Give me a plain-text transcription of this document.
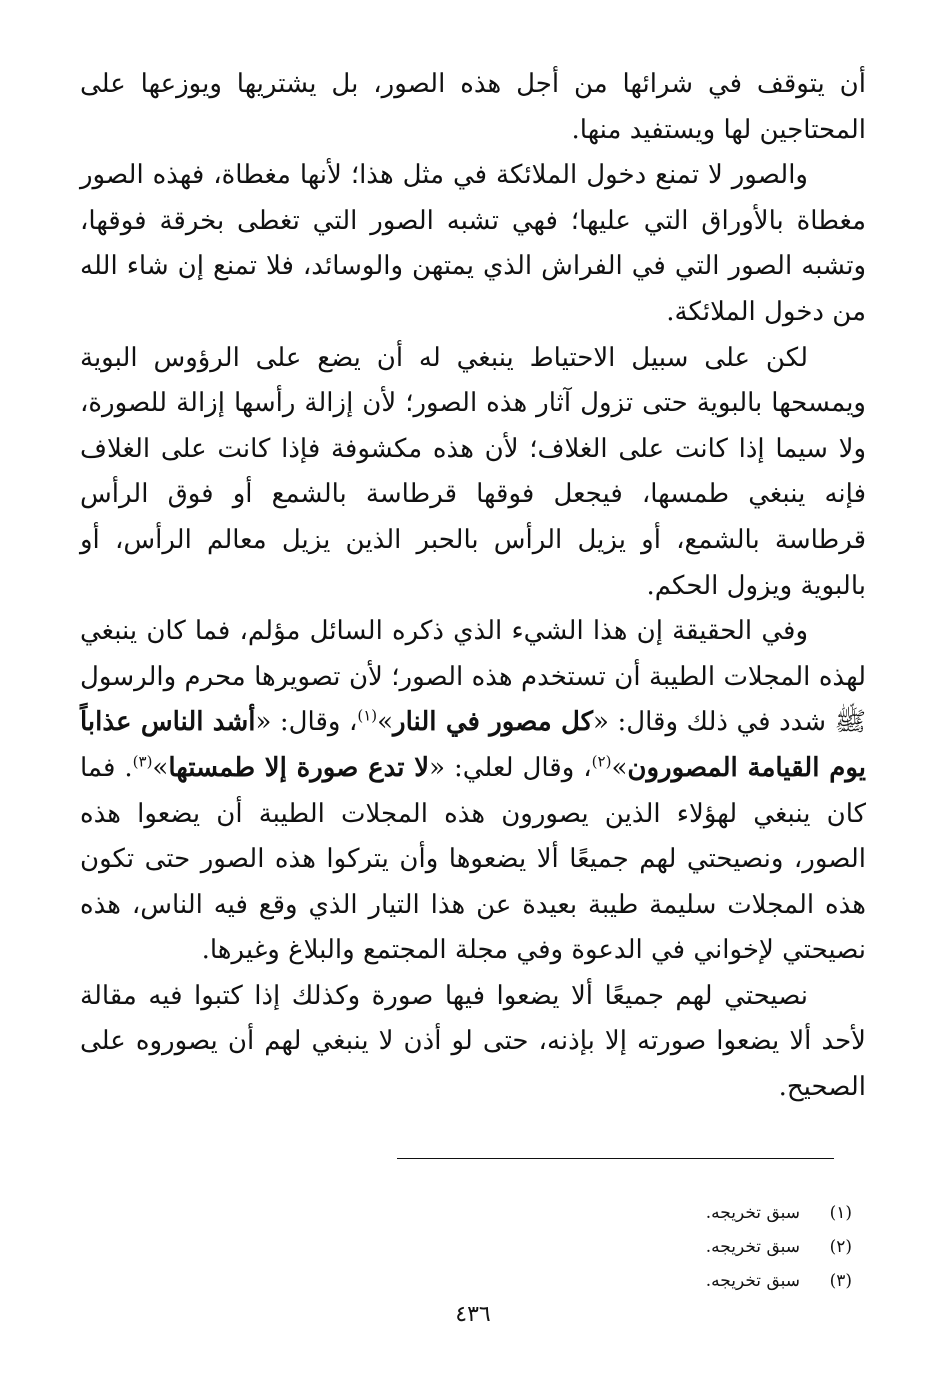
أن يتوقف في شرائها من أجل هذه الصور، بل يشتريها ويوزعها على المحتاجين لها ويستفيد منها.

والصور لا تمنع دخول الملائكة في مثل هذا؛ لأنها مغطاة، فهذه الصور مغطاة بالأوراق التي عليها؛ فهي تشبه الصور التي تغطى بخرقة فوقها، وتشبه الصور التي في الفراش الذي يمتهن والوسائد، فلا تمنع إن شاء الله من دخول الملائكة.

لكن على سبيل الاحتياط ينبغي له أن يضع على الرؤوس البوية ويمسحها بالبوية حتى تزول آثار هذه الصور؛ لأن إزالة رأسها إزالة للصورة، ولا سيما إذا كانت على الغلاف؛ لأن هذه مكشوفة فإذا كانت على الغلاف فإنه ينبغي طمسها، فيجعل فوقها قرطاسة بالشمع أو فوق الرأس قرطاسة بالشمع، أو يزيل الرأس بالحبر الذين يزيل معالم الرأس، أو بالبوية ويزول الحكم.

وفي الحقيقة إن هذا الشيء الذي ذكره السائل مؤلم، فما كان ينبغي لهذه المجلات الطيبة أن تستخدم هذه الصور؛ لأن تصويرها محرم والرسول ﷺ شدد في ذلك وقال: «كل مصور في النار»$^{(١)}$، وقال: «أشد الناس عذاباً يوم القيامة المصورون»$^{(٢)}$، وقال لعلي: «لا تدع صورة إلا طمستها»$^{(٣)}$. فما كان ينبغي لهؤلاء الذين يصورون هذه المجلات الطيبة أن يضعوا هذه الصور، ونصيحتي لهم جميعًا ألا يضعوها وأن يتركوا هذه الصور حتى تكون هذه المجلات سليمة طيبة بعيدة عن هذا التيار الذي وقع فيه الناس، هذه نصيحتي لإخواني في الدعوة وفي مجلة المجتمع والبلاغ وغيرها.

نصيحتي لهم جميعًا ألا يضعوا فيها صورة وكذلك إذا كتبوا فيه مقالة لأحد ألا يضعوا صورته إلا بإذنه، حتى لو أذن لا ينبغي لهم أن يصوروه على الصحيح.

(١)
سبق تخريجه.
(٢)
سبق تخريجه.
(٣)
سبق تخريجه.
٤٣٦
